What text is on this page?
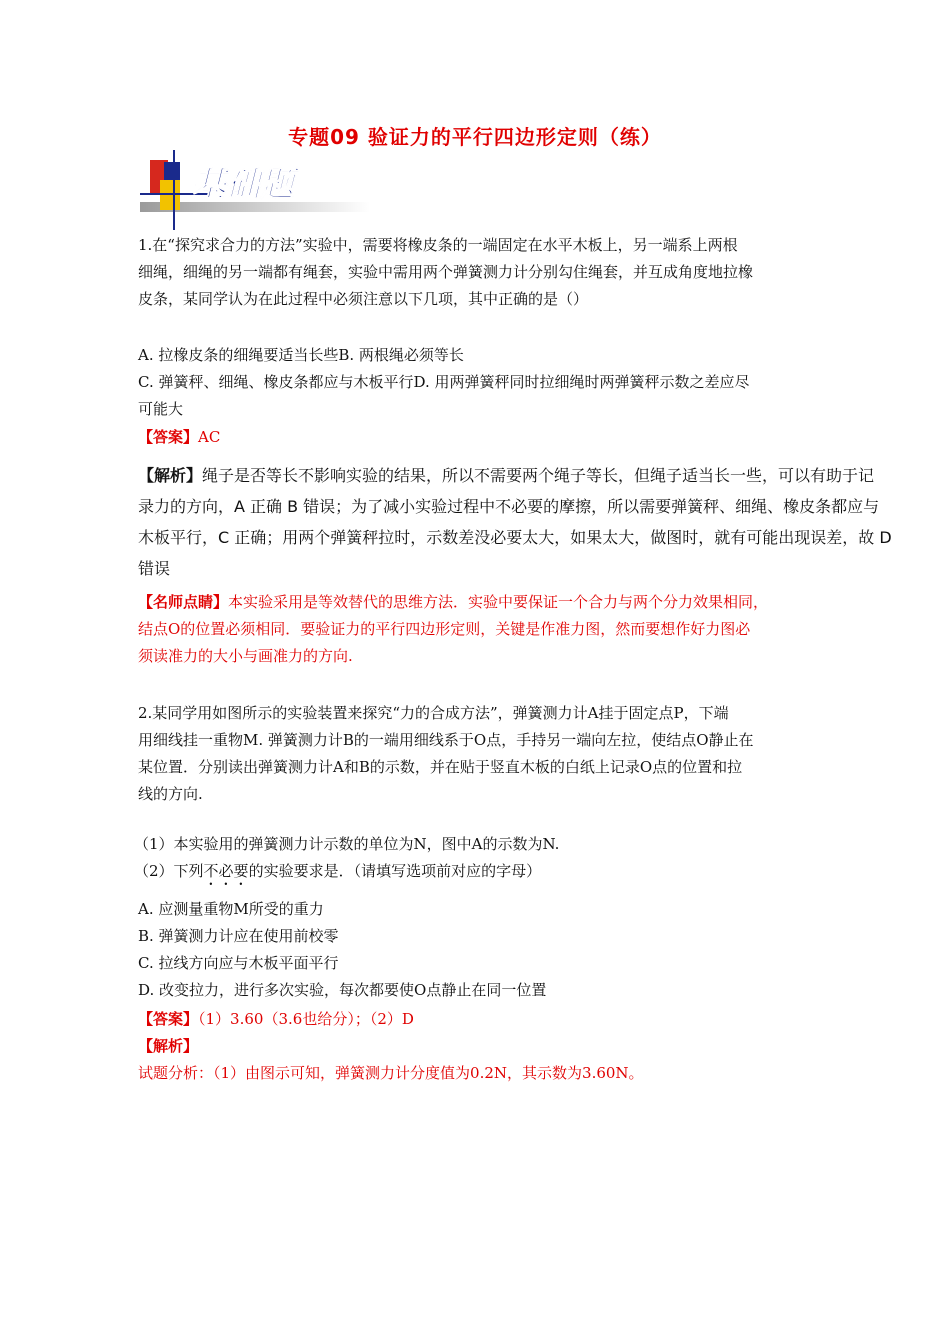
专题09 验证力的平行四边形定则（练）
基础题
1.在“探究求合力的方法”实验中，需要将橡皮条的一端固定在水平木板上，另一端系上两根
细绳，细绳的另一端都有绳套，实验中需用两个弹簧测力计分别勾住绳套，并互成角度地拉橡
皮条，某同学认为在此过程中必须注意以下几项，其中正确的是（）
A. 拉橡皮条的细绳要适当长些B. 两根绳必须等长
C. 弹簧秤、细绳、橡皮条都应与木板平行D. 用两弹簧秤同时拉细绳时两弹簧秤示数之差应尽
可能大
【答案】AC
【解析】绳子是否等长不影响实验的结果，所以不需要两个绳子等长，但绳子适当长一些，可以有助于记
录力的方向，A 正确 B 错误；为了减小实验过程中不必要的摩擦，所以需要弹簧秤、细绳、橡皮条都应与
木板平行，C 正确；用两个弹簧秤拉时，示数差没必要太大，如果太大，做图时，就有可能出现误差，故 D
错误
【名师点睛】本实验采用是等效替代的思维方法．实验中要保证一个合力与两个分力效果相同，
结点O的位置必须相同．要验证力的平行四边形定则，关键是作准力图，然而要想作好力图必
须读准力的大小与画准力的方向.
2.某同学用如图所示的实验装置来探究“力的合成方法”，弹簧测力计A挂于固定点P，下端
用细线挂一重物M. 弹簧测力计B的一端用细线系于O点，手持另一端向左拉，使结点O静止在
某位置．分别读出弹簧测力计A和B的示数，并在贴于竖直木板的白纸上记录O点的位置和拉
线的方向.
（1）本实验用的弹簧测力计示数的单位为N，图中A的示数为N.
（2）下列不必要的实验要求是．（请填写选项前对应的字母）
A. 应测量重物M所受的重力
B. 弹簧测力计应在使用前校零
C. 拉线方向应与木板平面平行
D. 改变拉力，进行多次实验，每次都要使O点静止在同一位置
【答案】（1）3.60（3.6也给分）；（2）D
【解析】
试题分析：（1）由图示可知，弹簧测力计分度值为0.2N，其示数为3.60N。
